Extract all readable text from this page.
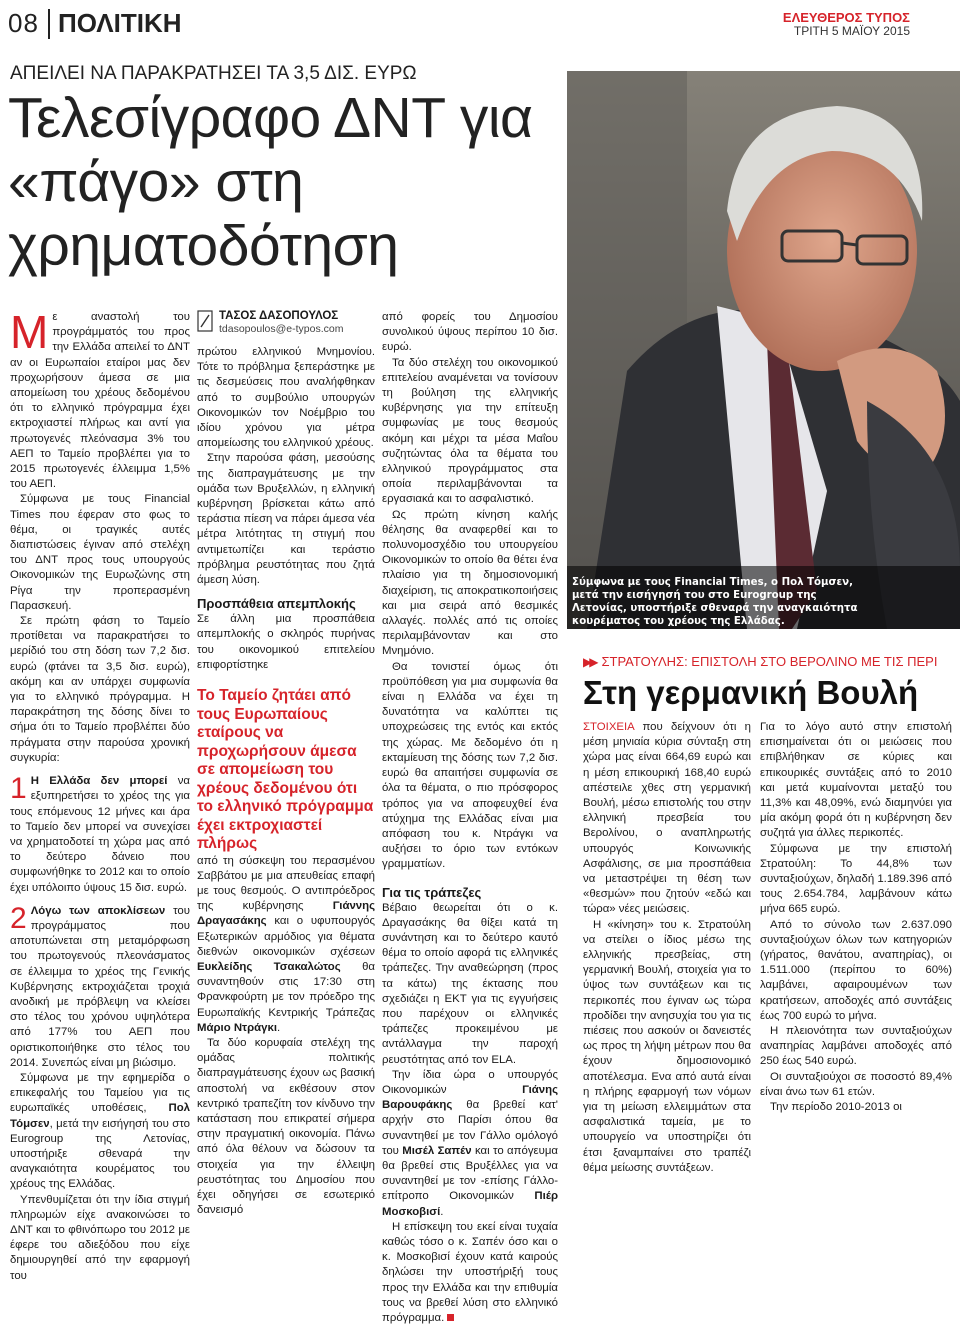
08 ΠΟΛΙΤΙΚΗ	ΕΛΕΥΘΕΡΟΣ ΤΥΠΟΣ
ΤΡΙΤΗ 5 ΜΑΪΟΥ 2015
ΑΠΕΙΛΕΙ ΝΑ ΠΑΡΑΚΡΑΤΗΣΕΙ ΤΑ 3,5 ΔΙΣ. ΕΥΡΩ
Τελεσίγραφο ΔΝΤ για «πάγο» στη χρηματοδότηση
Σύμφωνα με τους Financial Times, ο Πολ Τόμσεν, μετά την εισήγησή του στο Eurogroup της Λετονίας, υποστήριξε σθεναρά την αναγκαιότητα κουρέματος του χρέους της Ελλάδας.

Με αναστολή του προγράμματός του προς την Ελλάδα απειλεί το ΔΝΤ αν οι Ευρωπαίοι εταίροι μας δεν προχωρήσουν άμεσα σε μια απομείωση του χρέους δεδομένου ότι το ελληνικό πρόγραμμα έχει εκτροχιαστεί πλήρως και αντί για πρωτογενές πλεόνασμα 3% του ΑΕΠ το Ταμείο προβλέπει για το 2015 πρωτογενές έλλειμμα 1,5% του ΑΕΠ.

Σύμφωνα με τους Financial Times που έφεραν στο φως το θέμα, οι τραγικές αυτές διαπιστώσεις έγιναν από στελέχη του ΔΝΤ προς τους υπουργούς Οικονομικών της Ευρωζώνης στη Ρίγα την προπερασμένη Παρασκευή.

Σε πρώτη φάση το Ταμείο προτίθεται να παρακρατήσει το μερίδιό του στη δόση των 7,2 δισ. ευρώ (φτάνει τα 3,5 δισ. ευρώ), ακόμη και αν υπάρχει συμφωνία για το ελληνικό πρόγραμμα. Η παρακράτηση της δόσης δίνει το σήμα ότι το Ταμείο προβλέπει δύο πράγματα στην παρούσα χρονική συγκυρία:

1 Η Ελλάδα δεν μπορεί να εξυπηρετήσει το χρέος της για τους επόμενους 12 μήνες και άρα το Ταμείο δεν μπορεί να συνεχίσει να χρηματοδοτεί τη χώρα μας από το δεύτερο δάνειο που συμφωνήθηκε το 2012 και το οποίο έχει υπόλοιπο ύψους 15 δισ. ευρώ.

2 Λόγω των αποκλίσεων του προγράμματος που αποτυπώνεται στη μεταμόρφωση του πρωτογενούς πλεονάσματος σε έλλειμμα το χρέος της Γενικής Κυβέρνησης εκτροχιάζεται τροχιά ανοδική με πρόβλεψη να κλείσει στο τέλος του χρόνου υψηλότερα από 177% του ΑΕΠ που οριστικοποιήθηκε στο τέλος του 2014. Συνεπώς είναι μη βιώσιμο.

Σύμφωνα με την εφημερίδα ο επικεφαλής του Ταμείου για τις ευρωπαϊκές υποθέσεις, Πολ Τόμσεν, μετά την εισήγησή του στο Eurogroup της Λετονίας, υποστήριξε σθεναρά την αναγκαιότητα κουρέματος του χρέους της Ελλάδας.

Υπενθυμίζεται ότι την ίδια στιγμή πληρωμών είχε ανακοινώσει το ΔΝΤ και το φθινόπωρο του 2012 με έφερε του αδιεξόδου που είχε δημιουργηθεί από την εφαρμογή του

ΤΑΣΟΣ ΔΑΣΟΠΟΥΛΟΣ
tdasopoulos@e-typos.com

πρώτου ελληνικού Μνημονίου. Τότε το πρόβλημα ξεπεράστηκε με τις δεσμεύσεις που αναλήφθηκαν από το συμβούλιο υπουργών Οικονομικών τον Νοέμβριο του ιδίου χρόνου για μέτρα απομείωσης του ελληνικού χρέους.

Στην παρούσα φάση, μεσούσης της διαπραγμάτευσης με την ομάδα των Βρυξελλών, η ελληνική κυβέρνηση βρίσκεται κάτω από τεράστια πίεση να πάρει άμεσα νέα μέτρα λιτότητας τη στιγμή που αντιμετωπίζει και τεράστιο πρόβλημα ρευστότητας που ζητά άμεση λύση.

Προσπάθεια απεμπλοκής

Σε άλλη μια προσπάθεια απεμπλοκής ο σκληρός πυρήνας του οικονομικού επιτελείου επιφορτίστηκε

Το Ταμείο ζητάει από τους Ευρωπαίους εταίρους να προχωρήσουν άμεσα σε απομείωση του χρέους δεδομένου ότι το ελληνικό πρόγραμμα έχει εκτροχιαστεί πλήρως

από τη σύσκεψη του περασμένου Σαββάτου με μια απευθείας επαφή με τους θεσμούς. Ο αντιπρόεδρος της κυβέρνησης Γιάννης Δραγασάκης και ο υφυπουργός Εξωτερικών αρμόδιος για θέματα διεθνών οικονομικών σχέσεων Ευκλείδης Τσακαλώτος θα συναντηθούν στις 17:30 στη Φρανκφούρτη με τον πρόεδρο της Ευρωπαϊκής Κεντρικής Τράπεζας Μάριο Ντράγκι.

Τα δύο κορυφαία στελέχη της ομάδας πολιτικής διαπραγμάτευσης έχουν ως βασική αποστολή να εκθέσουν στον κεντρικό τραπεζίτη τον κίνδυνο την κατάσταση που επικρατεί σήμερα στην πραγματική οικονομία. Πάνω από όλα θέλουν να δώσουν τα στοιχεία για την έλλειψη ρευστότητας του Δημοσίου που έχει οδηγήσει σε εσωτερικό δανεισμό

από φορείς του Δημοσίου συνολικού ύψους περίπου 10 δισ. ευρώ.

Τα δύο στελέχη του οικονομικού επιτελείου αναμένεται να τονίσουν τη βούληση της ελληνικής κυβέρνησης για την επίτευξη συμφωνίας με τους θεσμούς ακόμη και μέχρι τα μέσα Μαΐου συζητώντας όλα τα θέματα του ελληνικού προγράμματος στα οποία περιλαμβάνονται τα εργασιακά και το ασφαλιστικό.

Ως πρώτη κίνηση καλής θέλησης θα αναφερθεί και το πολυνομοσχέδιο του υπουργείου Οικονομικών το οποίο θα θέτει ένα πλαίσιο για τη δημοσιονομική διαχείριση, τις αποκρατικοποιήσεις και μια σειρά από θεσμικές αλλαγές. πολλές από τις οποίες περιλαμβάνονταν και στο Μνημόνιο.

Θα τονιστεί όμως ότι προϋπόθεση για μια συμφωνία θα είναι η Ελλάδα να έχει τη δυνατότητα να καλύπτει τις υποχρεώσεις της εντός και εκτός της χώρας. Με δεδομένο ότι η εκταμίευση της δόσης των 7,2 δισ. ευρώ θα απαιτήσει συμφωνία σε όλα τα θέματα, ο πιο πρόσφορος τρόπος για να αποφευχθεί ένα ατύχημα της Ελλάδας είναι μια απόφαση του κ. Ντράγκι να αυξήσει το όριο των εντόκων γραμματίων.

Για τις τράπεζες

Βέβαιο θεωρείται ότι ο κ. Δραγασάκης θα θίξει κατά τη συνάντηση και το δεύτερο καυτό θέμα το οποίο αφορά τις ελληνικές τράπεζες. Την αναθεώρηση (προς τα κάτω) της έκτασης που σχεδιάζει η ΕΚΤ για τις εγγυήσεις που παρέχουν οι ελληνικές τράπεζες προκειμένου με αντάλλαγμα την παροχή ρευστότητας από τον ELA.

Την ίδια ώρα ο υπουργός Οικονομικών Γιάνης Βαρουφάκης θα βρεθεί κατ' αρχήν στο Παρίσι όπου θα συναντηθεί με τον Γάλλο ομόλογό του Μισέλ Σαπέν και το απόγευμα θα βρεθεί στις Βρυξέλλες για να συναντηθεί με τον -επίσης Γάλλο- επίτροπο Οικονομικών Πιέρ Μοσκοβισί.

Η επίσκεψη του εκεί είναι τυχαία καθώς τόσο ο κ. Σαπέν όσο και ο κ. Μοσκοβισί έχουν κατά καιρούς δηλώσει την υποστήριξή τους προς την Ελλάδα και την επιθυμία τους να βρεθεί λύση στο ελληνικό πρόγραμμα.

▶▶ ΣΤΡΑΤΟΥΛΗΣ: ΕΠΙΣΤΟΛΗ ΣΤΟ ΒΕΡΟΛΙΝΟ ΜΕ ΤΙΣ ΠΕΡΙ
Στη γερμανική Βουλή

ΣΤΟΙΧΕΙΑ που δείχνουν ότι η μέση μηνιαία κύρια σύνταξη στη χώρα μας είναι 664,69 ευρώ και η μέση επικουρική 168,40 ευρώ απέστειλε χθες στη γερμανική Βουλή, μέσω επιστολής του στην ελληνική πρεσβεία του Βερολίνου, ο αναπληρωτής υπουργός Κοινωνικής Ασφάλισης, σε μια προσπάθεια να μεταστρέψει τη θέση των «θεσμών» που ζητούν «εδώ και τώρα» νέες μειώσεις.

Η «κίνηση» του κ. Στρατούλη να στείλει ο ίδιος μέσω της ελληνικής πρεσβείας, στη γερμανική Βουλή, στοιχεία για το ύψος των συντάξεων και τις περικοπές που έγιναν ως τώρα προδίδει την ανησυχία του για τις πιέσεις που ασκούν οι δανειστές ως προς τη λήψη μέτρων που θα έχουν δημοσιονομικό αποτέλεσμα. Ενα από αυτά είναι η πλήρης εφαρμογή των νόμων για τη μείωση ελλειμμάτων στα ασφαλιστικά ταμεία, με το υπουργείο να υποστηρίζει ότι έτσι ξαναμπαίνει στο τραπέζι θέμα μείωσης συντάξεων.

Για το λόγο αυτό στην επιστολή επισημαίνεται ότι οι μειώσεις που επιβλήθηκαν σε κύριες και επικουρικές συντάξεις από το 2010 και μετά κυμαίνονται μεταξύ του 11,3% και 48,09%, ενώ διαμηνύει για μία ακόμη φορά ότι η κυβέρνηση δεν συζητά για άλλες περικοπές.

Σύμφωνα με την επιστολή Στρατούλη: Το 44,8% των συνταξιούχων, δηλαδή 1.189.396 από τους 2.654.784, λαμβάνουν κάτω μήνα 665 ευρώ.

Από το σύνολο των 2.637.090 συνταξιούχων όλων των κατηγοριών (γήρατος, θανάτου, αναπηρίας), οι 1.511.000 (περίπου το 60%) λαμβάνει, αφαιρουμένων των κρατήσεων, αποδοχές από συντάξεις έως 700 ευρώ το μήνα.

Η πλειονότητα των συνταξιούχων αναπηρίας λαμβάνει αποδοχές από 250 έως 540 ευρώ.

Οι συνταξιούχοι σε ποσοστό 89,4% είναι άνω των 61 ετών.

Την περίοδο 2010-2013 οι
